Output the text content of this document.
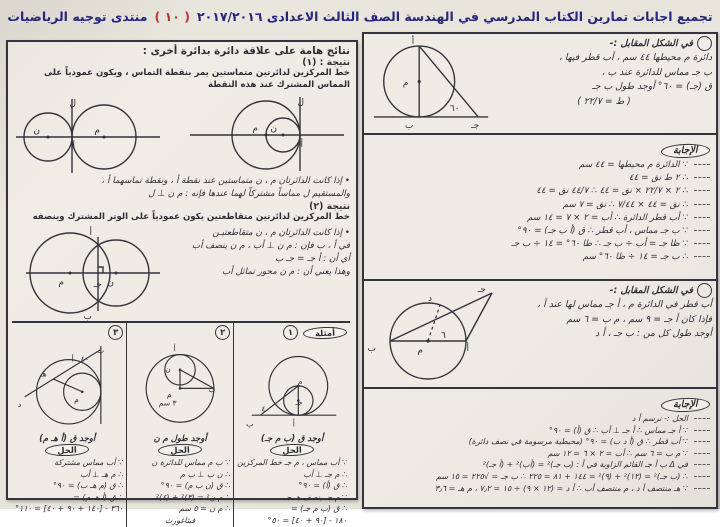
تجميع اجابات تمارين الكتاب المدرسي في الهندسة الصف الثالث الاعدادى ٢٠١٧/٢٠١٦
( ١٠ )
منتدى توجيه الرياضيات
في الشكل المقابل :-
دائرة م محيطها ٤٤ سم ، أب قطر فيها ،
ب جـ مماس للدائرة عند ب ،
ق (جـ) = ٦٠° أوجد طول ب جـ
( ط = ٢٢/٧ )
أ
ب
م
جـ
٦٠
الإجابة
∵ الدائرة م محيطها = ٤٤ سم
∴ ٢ ط نق = ٤٤
∴ ٢ × ٢٢/٧ × نق = ٤٤ ∴ ٤٤/٧ نق = ٤٤
∴ نق = ٤٤ × ٧/٤٤ ∴ نق = ٧ سم
∵ أب قطر الدائرة ∴ أب = ٢ × ٧ = ١٤ سم
∵ ب جـ مماس ، أب قطر ∴ ق (أ ب جـ) = ٩٠°
∵ ظا جـ = أب ÷ ب جـ ∴ ظا ٦٠° = ١٤ ÷ ب جـ
∴ ب جـ = ١٤ ÷ ظا ٦٠° سم
في الشكل المقابل :-
أب قطر في الدائرة م ، أ جـ مماس لها عند أ ،
فإذا كان أ جـ = ٩ سم ، م ب = ٦ سم
أوجد طول كل من : ب جـ ، أ د
أ
ب	م
د
جـ
٦
الإجابة
الحل :- نرسم أ د
∵ أ جـ مماس ∴ أ جـ ⊥ أب ∴ ق (أ) = ٩٠°
∵ أب قطر ∴ ق (أ د ب) = ٩٠° (محيطية مرسومة في نصف دائرة)
∵ م ب = ٦ سم ∴ أب = ٢ × ٦ = ١٢ سم
في Δ ب أ جـ القائم الزاوية في أ : (ب جـ)² = (أب)² + (أ جـ)²
∴ (ب جـ)² = (١٢)² + (٩)² = ١٤٤ + ٨١ = ٢٢٥ ∴ ب جـ = √٢٢٥ = ١٥ سم
∵ هـ منتصف أ د ، م منتصف أب ∴ أ د = (١٢ × ٩) ÷ ١٥ = ٧٫٢ ، م هـ = ٣٫٦
نتائج هامة على علاقة دائرة بدائرة أخرى :
نتيجة : (١)
خط المركزين لدائرتين متماستين يمر بنقطة التماس ، ويكون عمودياً على المماس المشترك عند هذه النقطة
ل
م ن
أ
ل
ن	م
أ
• إذا كانت الدائرتان م ، ن متماستين عند نقطة أ ، ونقطة تماسهما أ ،
والمستقيم ل مماساً مشتركاً لهما عندها فإنه : م ن ⊥ ل
نتيجة (٢)
خط المركزين لدائرتين متقاطعتين يكون عمودياً على الوتر المشترك وينصفه
• إذا كانت الدائرتان م ، ن متقاطعتيـن
في أ ، ب فإن : م ن ⊥ أب ، م ن ينصف أب
أي أن : أ جـ = جـ ب
وهذا يعني أن : م ن محور تماثل أب
أ
ب
م	ن
جـ
أمثلة
١
م
جـ
أ
ب
٤٠
أوجد ق (ب م جـ)
الحل
∵ أب مماس ، م جـ خط المركزين
∴ م جـ ⊥ أب
∴ ق (أ) = ٩٠°
∵ م جـ ينصف هـ جـ
∴ ق (ب م جـ) =
١٨٠ - [٩٠ + ٤٠] = ٥٠°
٢
أ
ن
م
ب
٣ سم
أوجد طول م ن
الحل
∵ ب م مماس للدائرة ن
∴ ن ب ⊥ ب م
∴ ق (ن ب م) = ٩٠°
∴ م ن² = (٣)² + (٤)²
∴ م ن = ٥ سم
فيثاغورث
٣
ب
أ
هـ
د
م
٤٠
أوجد ق (أ هـ م)
الحل
∵ أب مماس مشتركة
∴ م هـ ⊥ أب
∴ ق (م هـ ب) = ٩٠°
∴ ق (أ هـ م) =
٣٦٠ - [١٤٠ + ٩٠ + ٤٠] = ١١٠°
